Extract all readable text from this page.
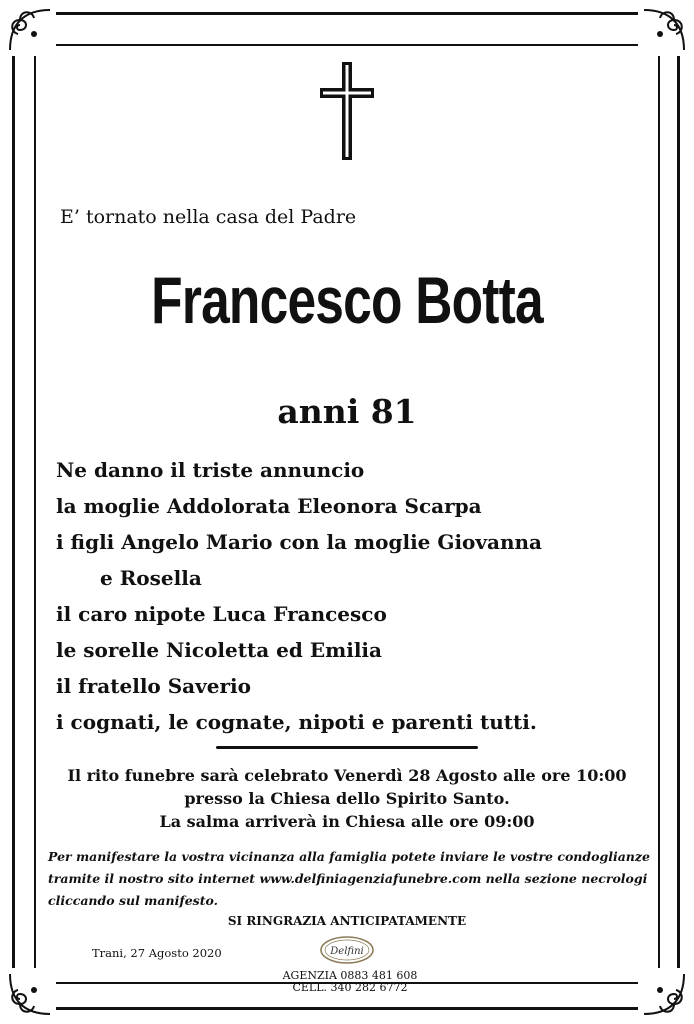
E’ tornato nella casa del Padre
Francesco Botta
anni 81
Ne danno il triste annuncio
la moglie Addolorata Eleonora Scarpa
i figli Angelo Mario con la moglie Giovanna
e Rosella
il caro nipote Luca Francesco
le sorelle Nicoletta ed Emilia
il fratello Saverio
i cognati, le cognate, nipoti e parenti tutti.
Il rito funebre sarà celebrato Venerdì 28 Agosto alle ore 10:00
presso la Chiesa dello Spirito Santo.
La salma arriverà in Chiesa alle ore 09:00
Per manifestare la vostra vicinanza alla famiglia potete inviare le vostre condoglianze
tramite il nostro sito internet www.delfiniagenziafunebre.com nella sezione necrologi
cliccando sul manifesto.
SI RINGRAZIA ANTICIPATAMENTE
Trani, 27 Agosto 2020	Delfini
AGENZIA 0883 481 608
CELL. 340 282 6772
